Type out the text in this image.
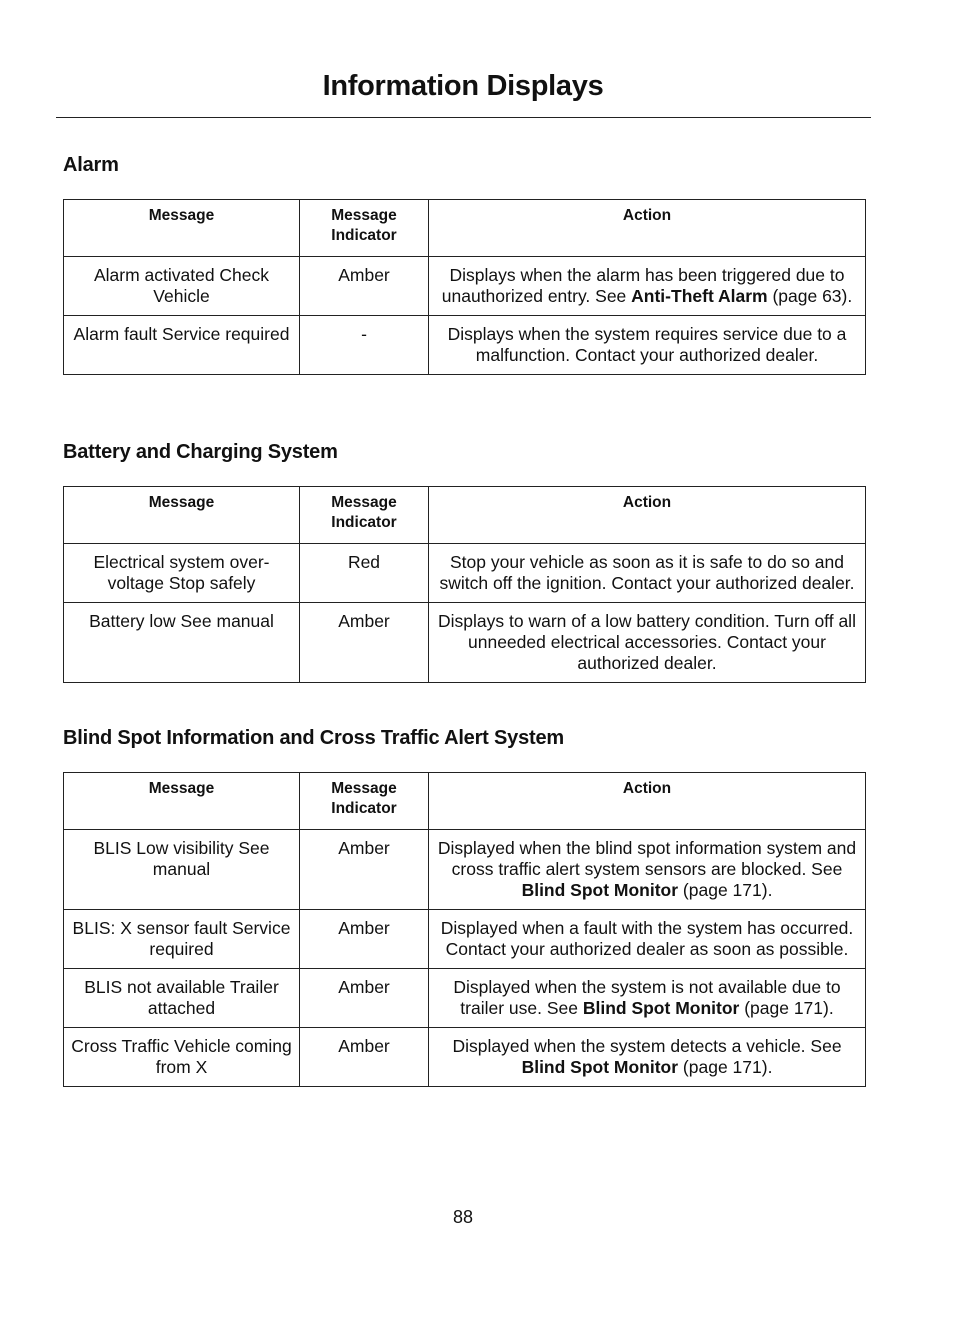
Information Displays
Alarm
Message	Message Indicator	Action
Alarm activated Check Vehicle	Amber	Displays when the alarm has been triggered due to unauthorized entry. See Anti-Theft Alarm (page 63).
Alarm fault Service required	-	Displays when the system requires service due to a malfunction. Contact your authorized dealer.
Battery and Charging System
Message	Message Indicator	Action
Electrical system over-voltage Stop safely	Red	Stop your vehicle as soon as it is safe to do so and switch off the ignition. Contact your authorized dealer.
Battery low See manual	Amber	Displays to warn of a low battery condition. Turn off all unneeded electrical accessories. Contact your authorized dealer.
Blind Spot Information and Cross Traffic Alert System
Message	Message Indicator	Action
BLIS Low visibility See manual	Amber	Displayed when the blind spot information system and cross traffic alert system sensors are blocked. See Blind Spot Monitor (page 171).
BLIS: X sensor fault Service required	Amber	Displayed when a fault with the system has occurred. Contact your authorized dealer as soon as possible.
BLIS not available Trailer attached	Amber	Displayed when the system is not available due to trailer use. See Blind Spot Monitor (page 171).
Cross Traffic Vehicle coming from X	Amber	Displayed when the system detects a vehicle. See Blind Spot Monitor (page 171).
88
